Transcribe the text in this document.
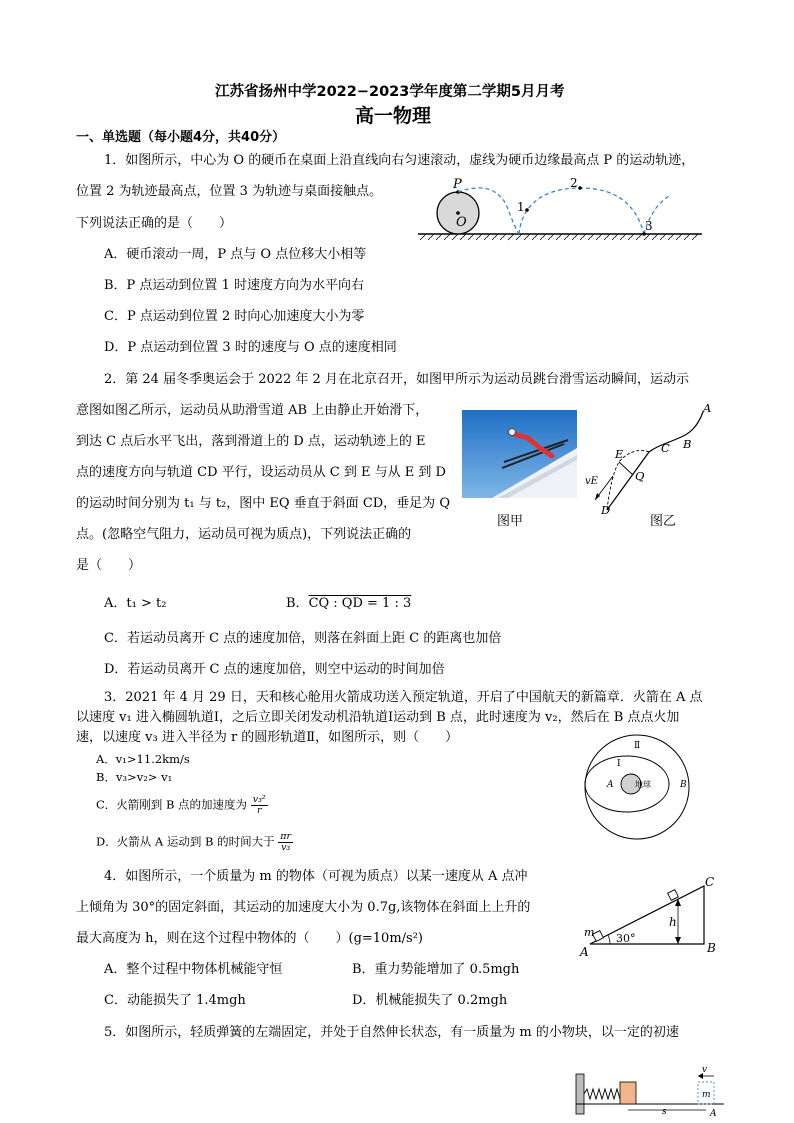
江苏省扬州中学2022−2023学年度第二学期5月月考
高一物理
一、单选题（每小题4分，共40分）
1．如图所示，中心为 O 的硬币在桌面上沿直线向右匀速滚动，虚线为硬币边缘最高点 P 的运动轨迹，
位置 2 为轨迹最高点，位置 3 为轨迹与桌面接触点。
下列说法正确的是（　　）
A．硬币滚动一周，P 点与 O 点位移大小相等
B．P 点运动到位置 1 时速度方向为水平向右
C．P 点运动到位置 2 时向心加速度大小为零
D．P 点运动到位置 3 时的速度与 O 点的速度相同
P
O
1
2
3
2．第 24 届冬季奥运会于 2022 年 2 月在北京召开，如图甲所示为运动员跳台滑雪运动瞬间，运动示
意图如图乙所示，运动员从助滑雪道 AB 上由静止开始滑下，
到达 C 点后水平飞出，落到滑道上的 D 点，运动轨迹上的 E
点的速度方向与轨道 CD 平行，设运动员从 C 到 E 与从 E 到 D
的运动时间分别为 t₁ 与 t₂，图中 EQ 垂直于斜面 CD，垂足为 Q
点。(忽略空气阻力，运动员可视为质点)，下列说法正确的
是（　　）
A．t₁ > t₂	B．CQ : QD = 1 : 3
C．若运动员离开 C 点的速度加倍，则落在斜面上距 C 的距离也加倍
D．若运动员离开 C 点的速度加倍，则空中运动的时间加倍
图甲
A
B
C
E
Q
D
vE
图乙
3．2021 年 4 月 29 日，天和核心舱用火箭成功送入预定轨道，开启了中国航天的新篇章．火箭在 A 点
以速度 v₁ 进入椭圆轨道Ⅰ，之后立即关闭发动机沿轨道Ⅰ运动到 B 点，此时速度为 v₂，然后在 B 点点火加
速，以速度 v₃ 进入半径为 r 的圆形轨道Ⅱ，如图所示，则（　　）
A．v₁>11.2km/s
B．v₃>v₂> v₁
C．火箭刚到 B 点的加速度为 $\frac{\text{v₃²}}{r}$
D．火箭从 A 运动到 B 的时间大于 $\frac{\pi r}{\text{v₃}}$
Ⅱ
Ⅰ
A	B
地球
4．如图所示，一个质量为 m 的物体（可视为质点）以某一速度从 A 点冲
上倾角为 30°的固定斜面，其运动的加速度大小为 0.7g,该物体在斜面上上升的
最大高度为 h，则在这个过程中物体的（　　）(g=10m/s²)
A．整个过程中物体机械能守恒	B．重力势能增加了 0.5mgh
C．动能损失了 1.4mgh	D．机械能损失了 0.2mgh
A	B
C
m
h
30°
5．如图所示，轻质弹簧的左端固定，并处于自然伸长状态，有一质量为 m 的小物块，以一定的初速
v
m
s	A
